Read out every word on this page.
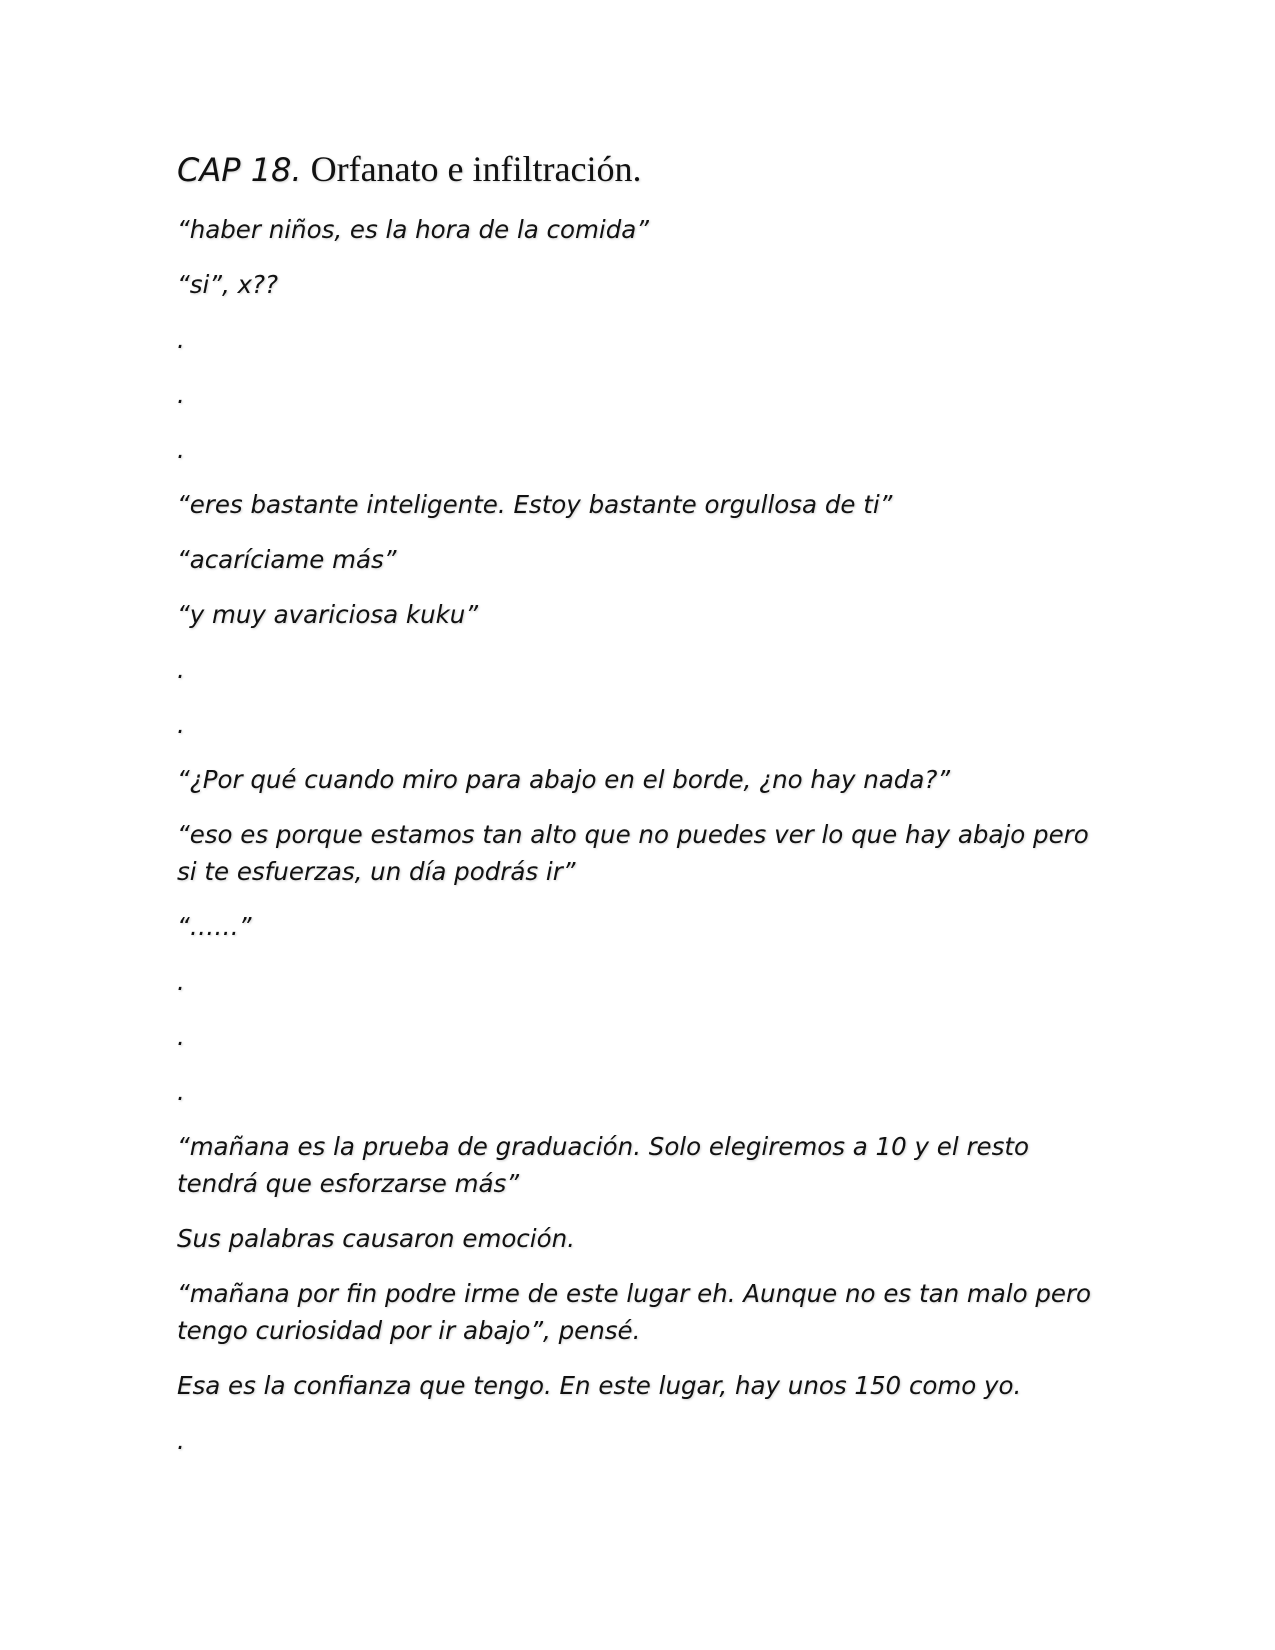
CAP 18. Orfanato e infiltración.

“haber niños, es la hora de la comida”

“si”, x??

.

.

.

“eres bastante inteligente. Estoy bastante orgullosa de ti”

“acaríciame más”

“y muy avariciosa kuku”

.

.

“¿Por qué cuando miro para abajo en el borde, ¿no hay nada?”

“eso es porque estamos tan alto que no puedes ver lo que hay abajo pero si te esfuerzas, un día podrás ir”

“……”

.

.

.

“mañana es la prueba de graduación. Solo elegiremos a 10 y el resto tendrá que esforzarse más”

Sus palabras causaron emoción.

“mañana por fin podre irme de este lugar eh. Aunque no es tan malo pero tengo curiosidad por ir abajo”, pensé.

Esa es la confianza que tengo. En este lugar, hay unos 150 como yo.

.
